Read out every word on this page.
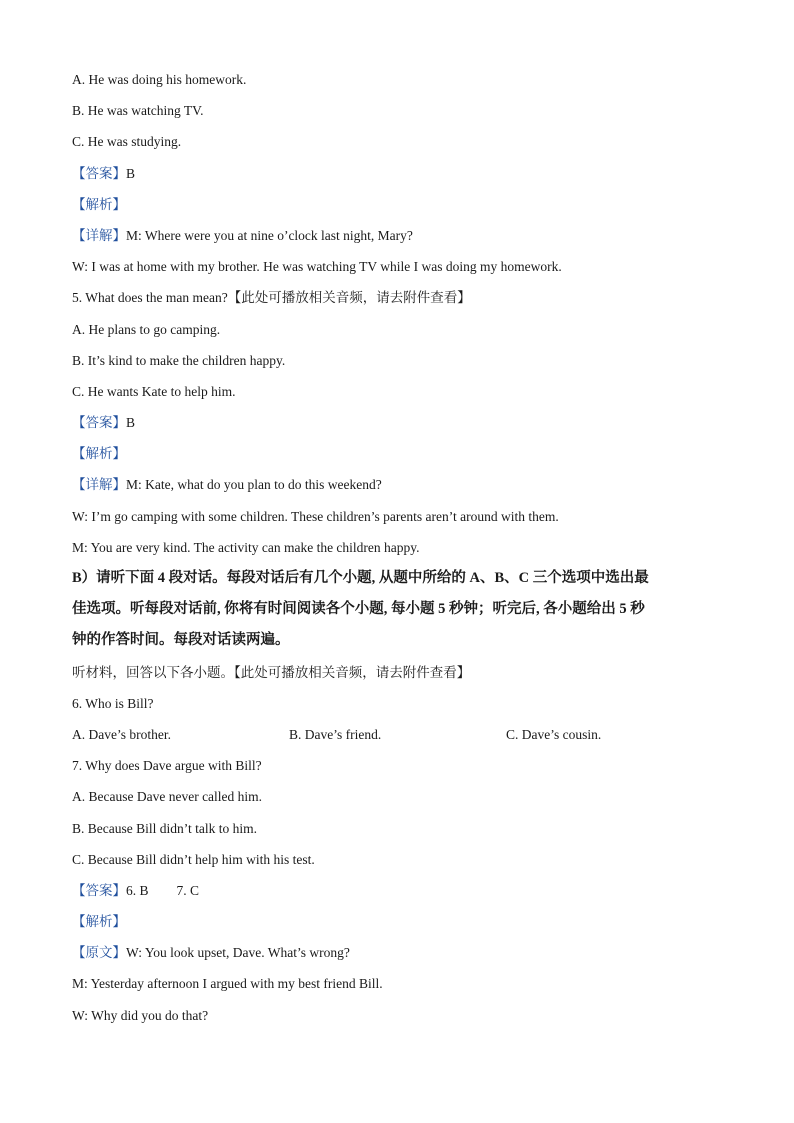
A. He was doing his homework.
B. He was watching TV.
C. He was studying.
【答案】B
【解析】
【详解】M: Where were you at nine o’clock last night, Mary?
W: I was at home with my brother. He was watching TV while I was doing my homework.
5. What does the man mean?【此处可播放相关音频，请去附件查看】
A. He plans to go camping.
B. It’s kind to make the children happy.
C. He wants Kate to help him.
【答案】B
【解析】
【详解】M: Kate, what do you plan to do this weekend?
W: I’m go camping with some children. These children’s parents aren’t around with them.
M: You are very kind. The activity can make the children happy.
B）请听下面 4 段对话。每段对话后有几个小题, 从题中所给的 A、B、C 三个选项中选出最
佳选项。听每段对话前, 你将有时间阅读各个小题, 每小题 5 秒钟；听完后, 各小题给出 5 秒
钟的作答时间。每段对话读两遍。
听材料，回答以下各小题。【此处可播放相关音频，请去附件查看】
6. Who is Bill?
A. Dave’s brother.	B. Dave’s friend.	C. Dave’s cousin.
7. Why does Dave argue with Bill?
A. Because Dave never called him.
B. Because Bill didn’t talk to him.
C. Because Bill didn’t help him with his test.
【答案】6. B 7. C
【解析】
【原文】W: You look upset, Dave. What’s wrong?
M: Yesterday afternoon I argued with my best friend Bill.
W: Why did you do that?
